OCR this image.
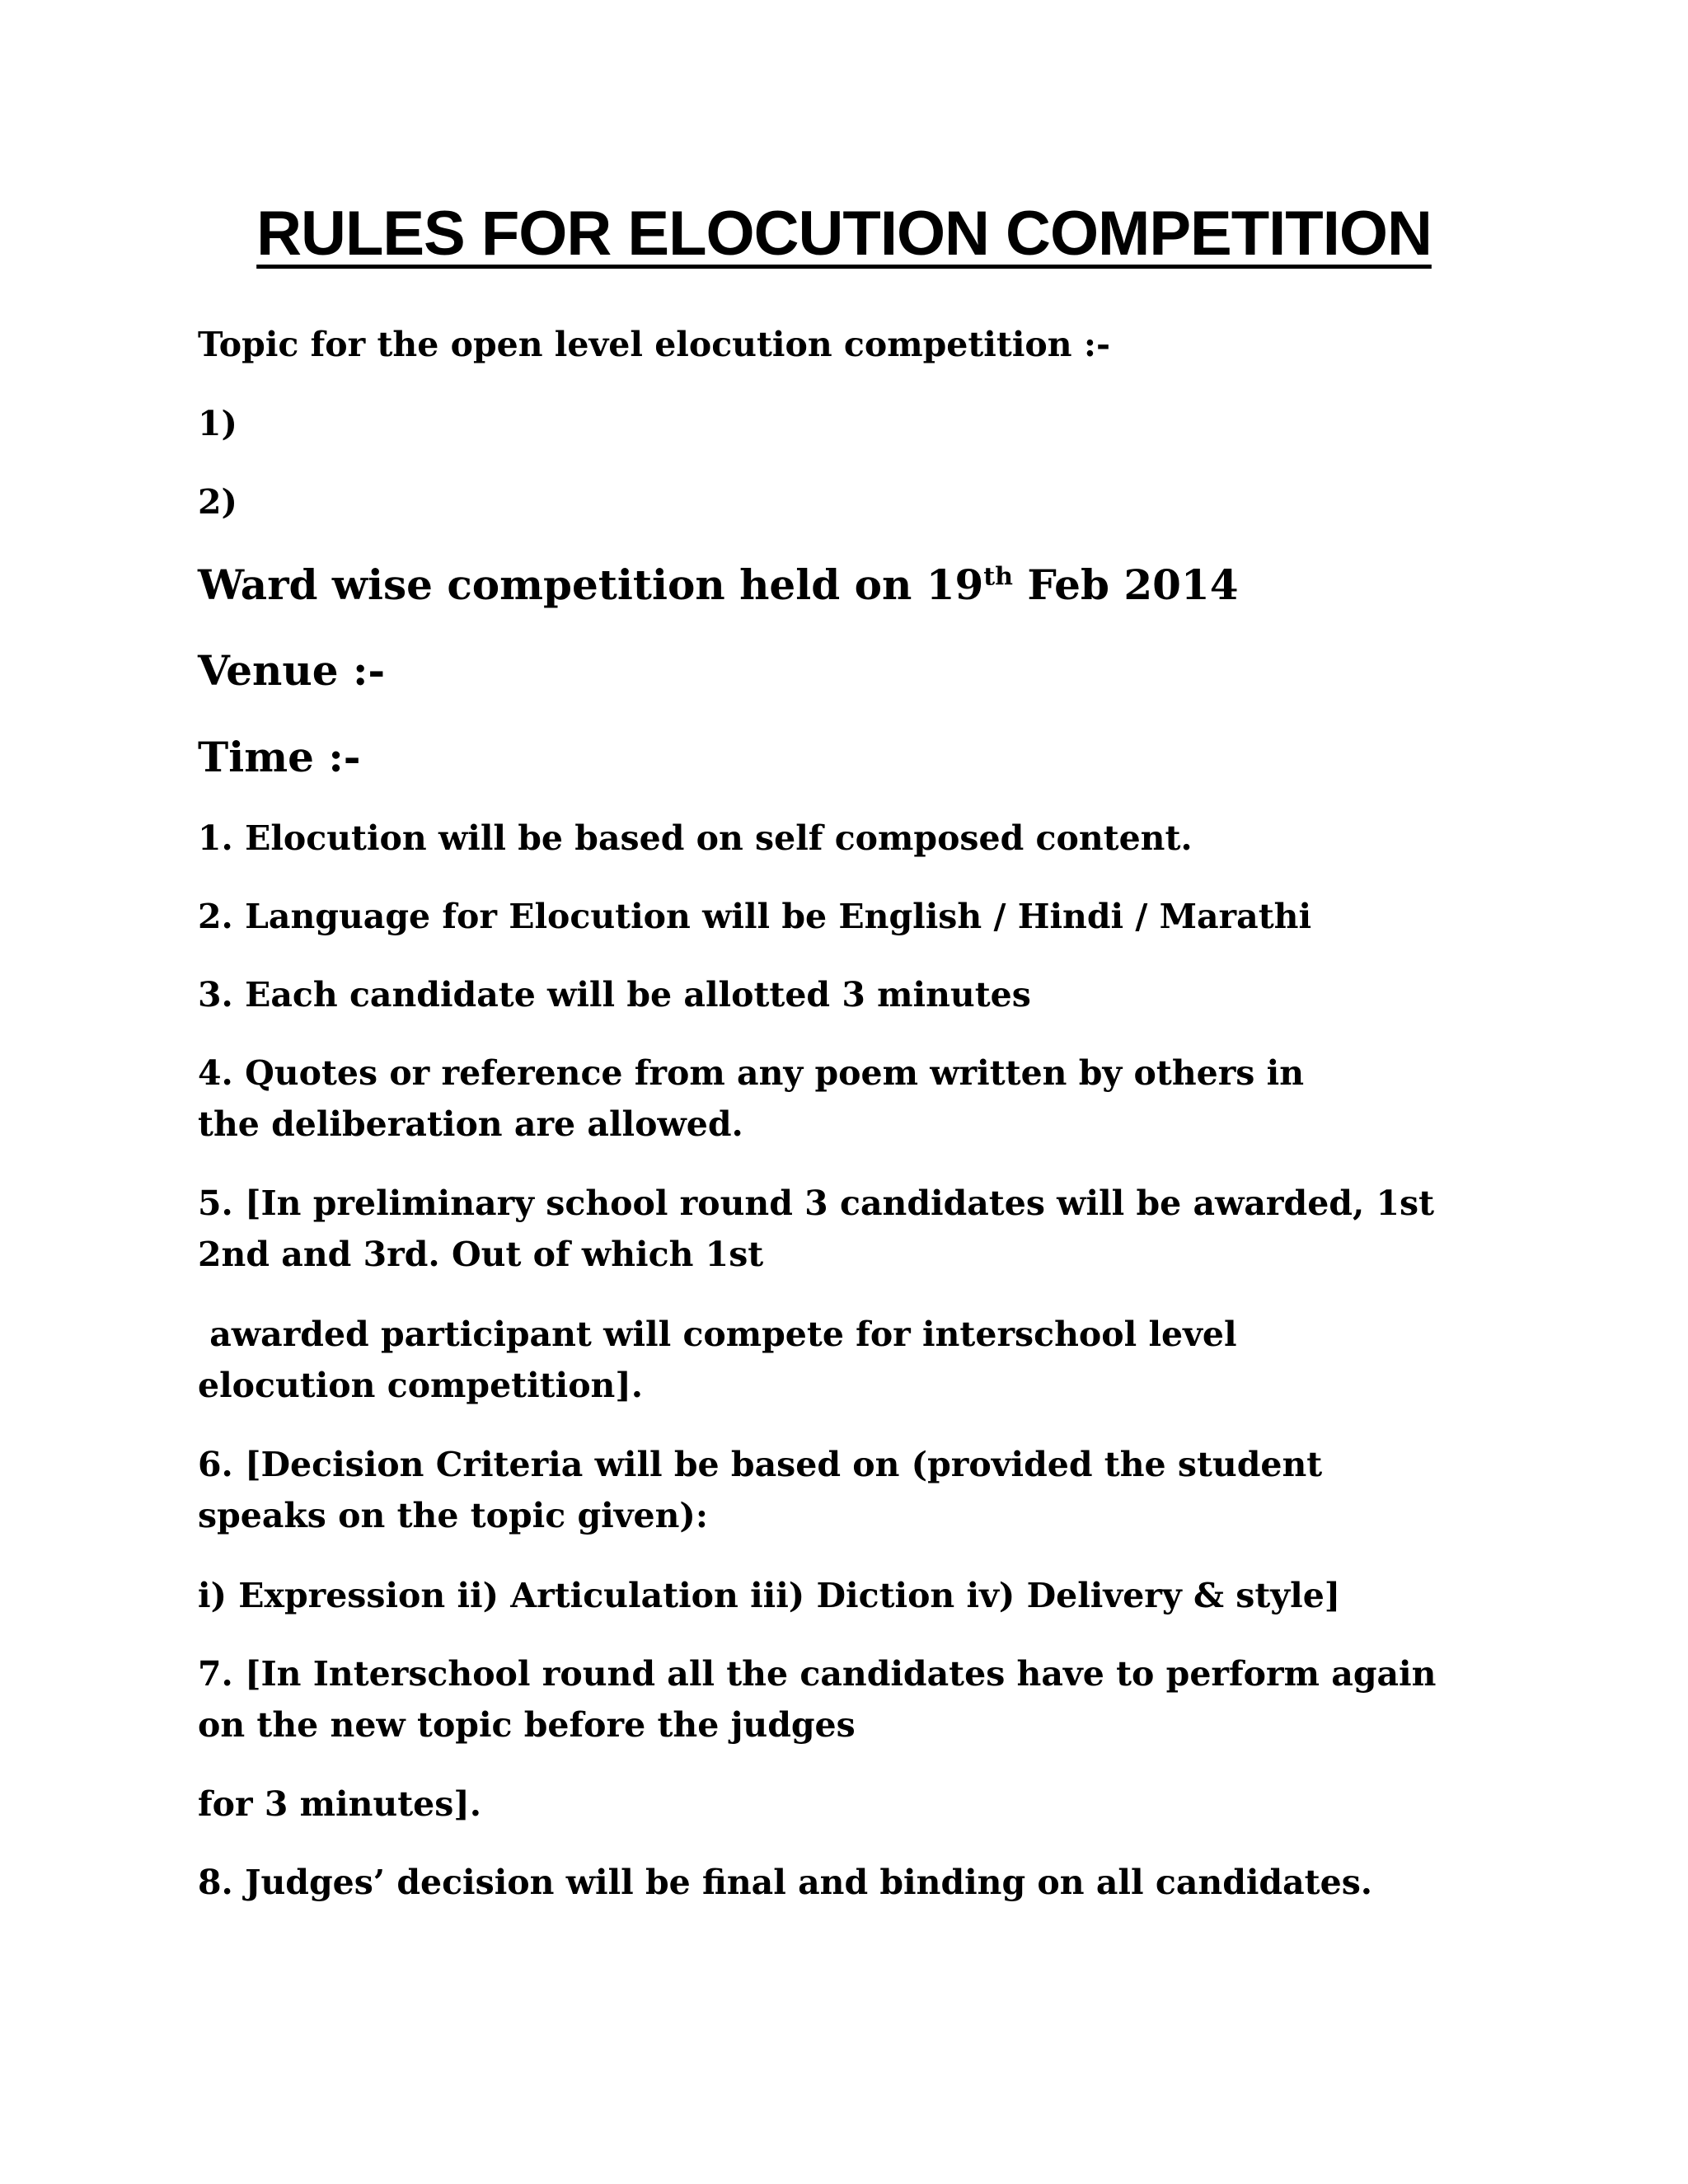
RULES FOR ELOCUTION COMPETITION

Topic for the open level elocution competition :-

1)

2)

Ward wise competition held on 19th Feb 2014

Venue :-

Time :-

1. Elocution will be based on self composed content.

2. Language for Elocution will be English / Hindi / Marathi

3. Each candidate will be allotted 3 minutes

4. Quotes or reference from any poem written by others in the deliberation are allowed.

5. [In preliminary school round 3 candidates will be awarded, 1st 2nd and 3rd. Out of which 1st

awarded participant will compete for interschool level elocution competition].

6. [Decision Criteria will be based on (provided the student speaks on the topic given):

i) Expression ii) Articulation iii) Diction iv) Delivery & style]

7. [In Interschool round all the candidates have to perform again on the new topic before the judges

for 3 minutes].

8. Judges’ decision will be final and binding on all candidates.
